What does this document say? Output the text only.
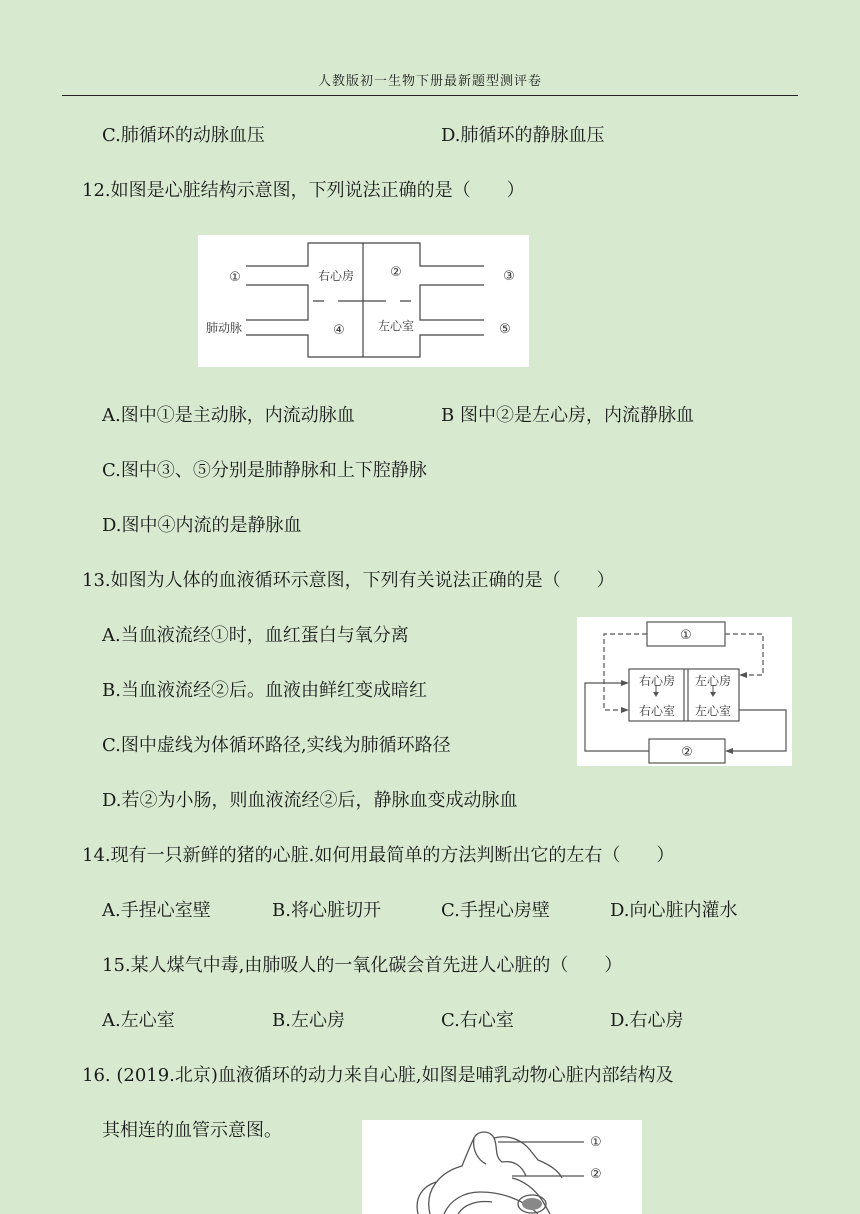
人教版初一生物下册最新题型测评卷
C.肺循环的动脉血压	D.肺循环的静脉血压
12.如图是心脏结构示意图，下列说法正确的是（　　）
①	右心房	②	③
肺动脉	④	左心室	⑤
A.图中①是主动脉，内流动脉血	B 图中②是左心房，内流静脉血
C.图中③、⑤分别是肺静脉和上下腔静脉
D.图中④内流的是静脉血
13.如图为人体的血液循环示意图，下列有关说法正确的是（　　）
A.当血液流经①时，血红蛋白与氧分离
B.当血液流经②后。血液由鲜红变成暗红
C.图中虚线为体循环路径,实线为肺循环路径
D.若②为小肠，则血液流经②后，静脉血变成动脉血
①
右心房 左心房
右心室 左心室
②
14.现有一只新鲜的猪的心脏.如何用最简单的方法判断出它的左右（　　）
A.手捏心室壁	B.将心脏切开	C.手捏心房壁	D.向心脏内灌水
15.某人煤气中毒,由肺吸人的一氧化碳会首先进人心脏的（　　）
A.左心室	B.左心房	C.右心室	D.右心房
16. (2019.北京)血液循环的动力来自心脏,如图是哺乳动物心脏内部结构及
其相连的血管示意图。
②
①
